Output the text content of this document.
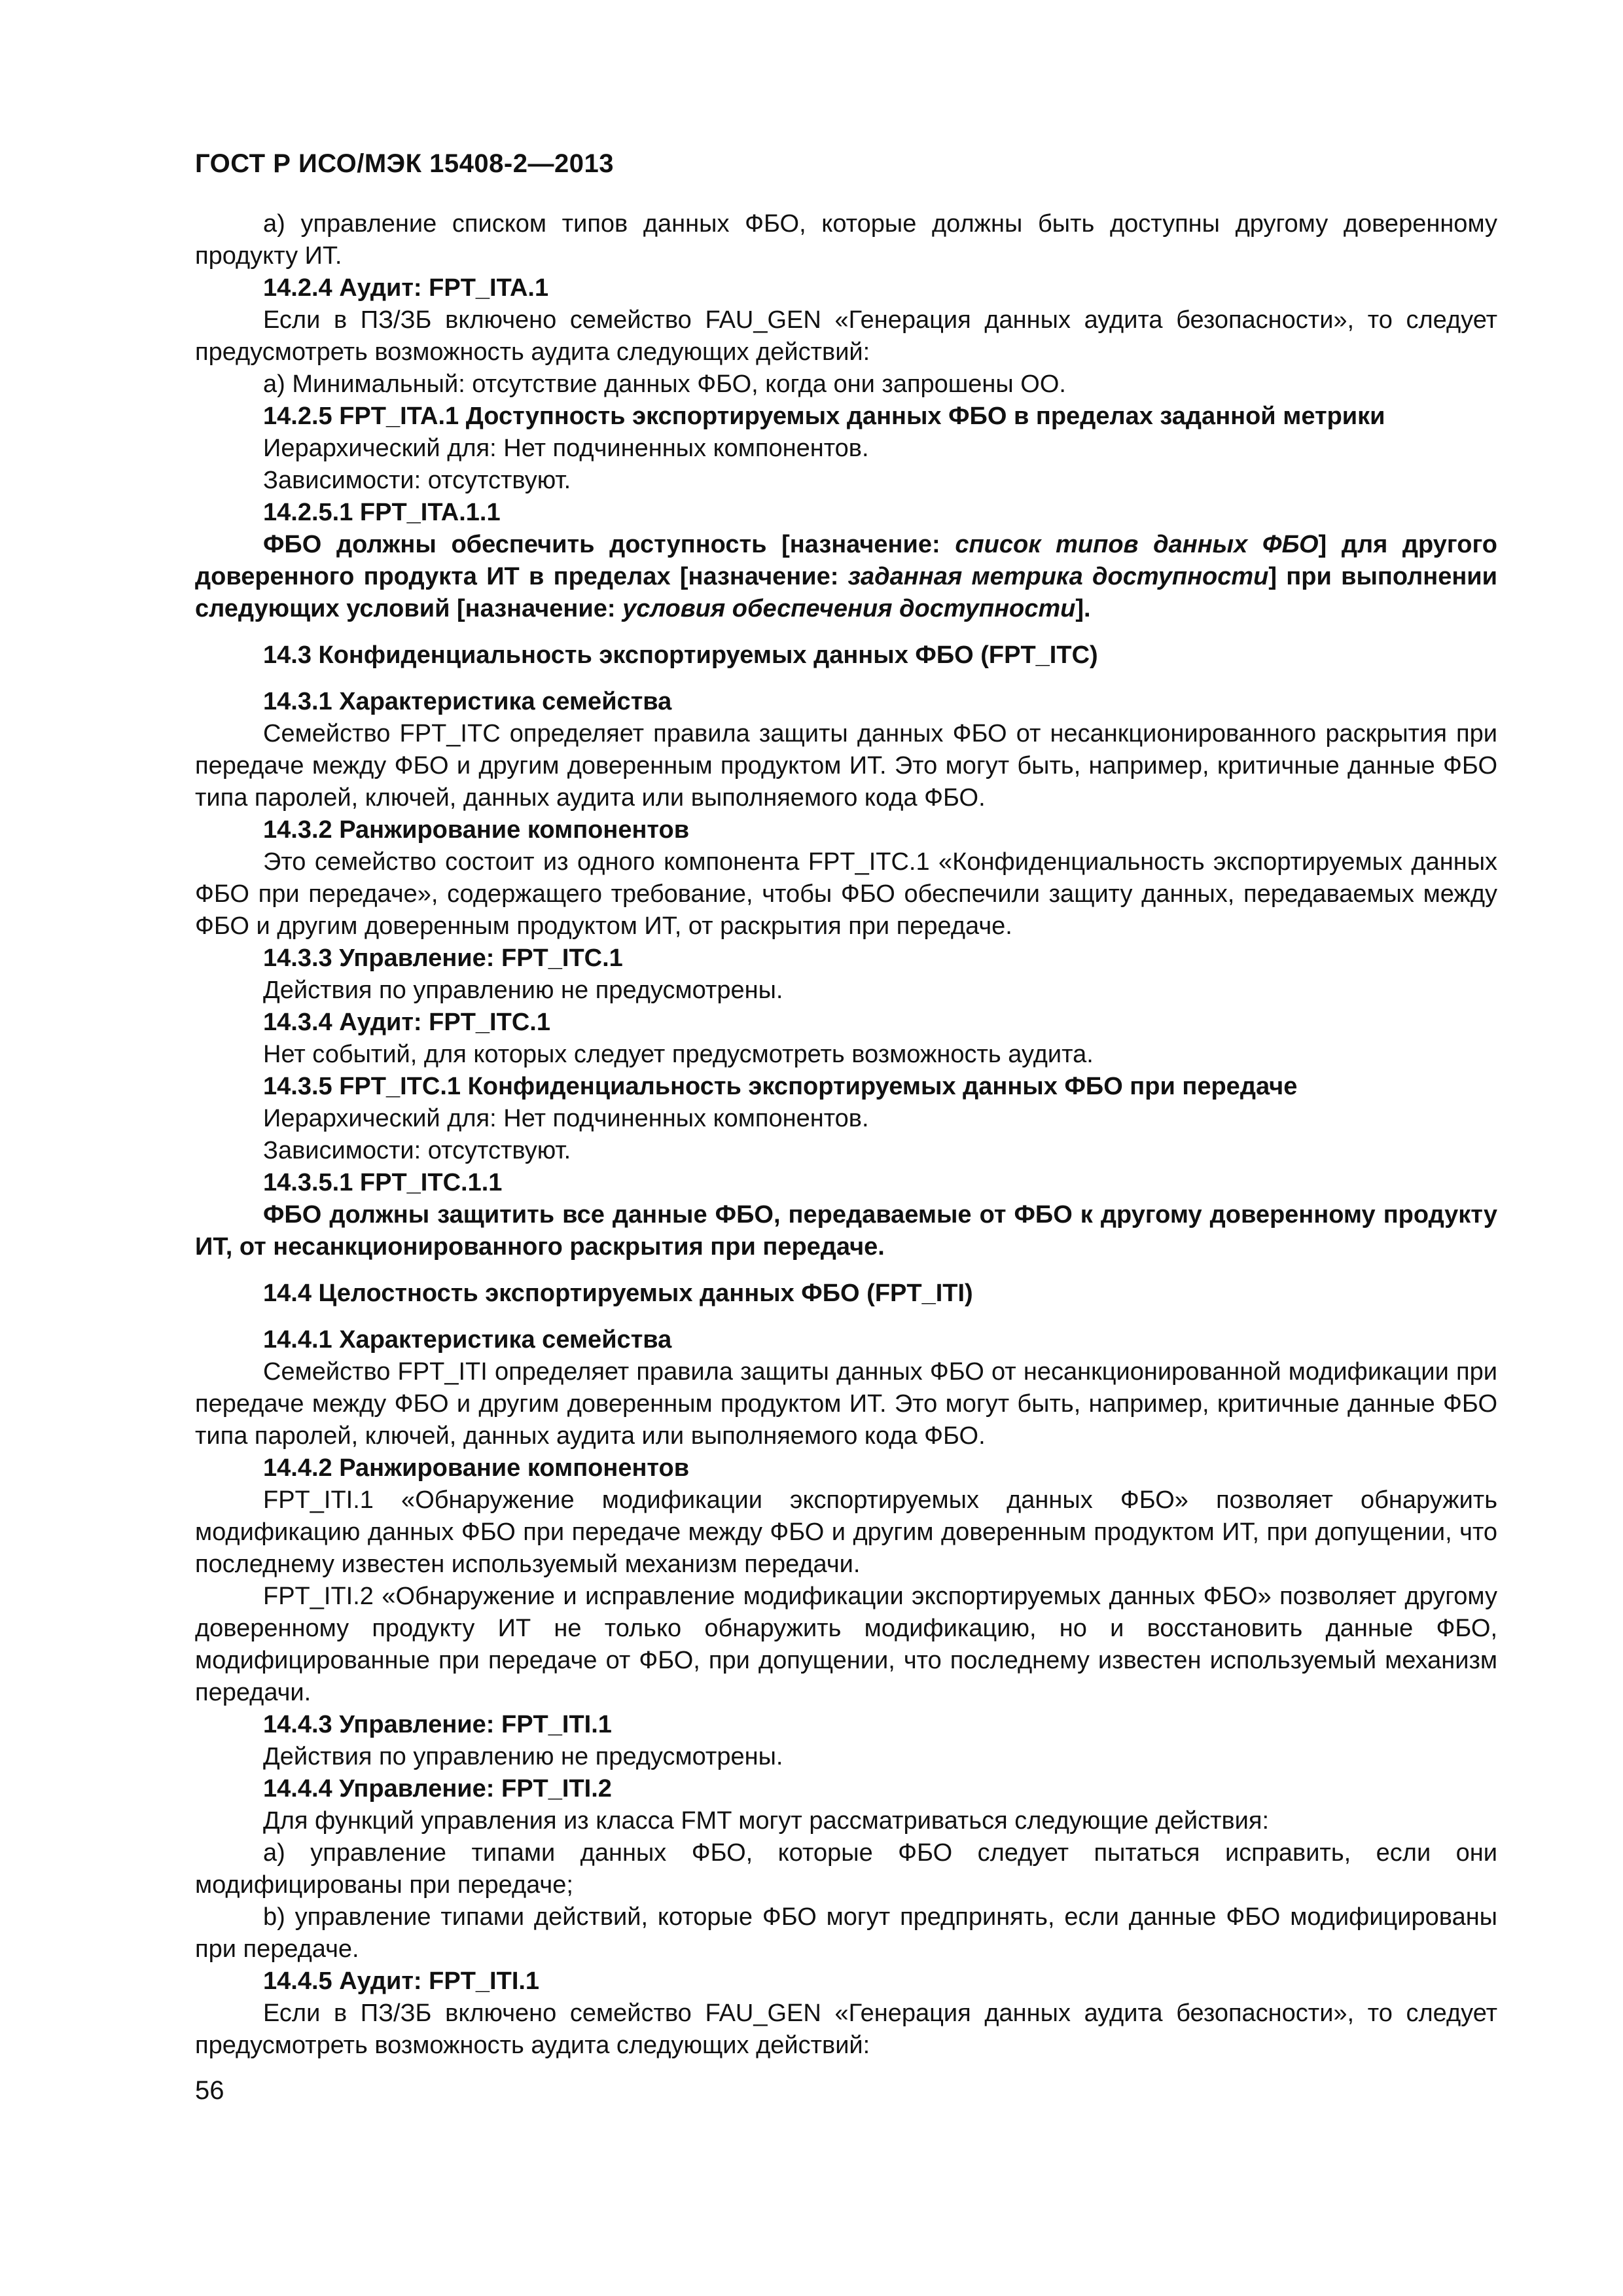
ГОСТ Р ИСО/МЭК 15408-2—2013

a) управление списком типов данных ФБО, которые должны быть доступны другому доверенному продукту ИТ.

14.2.4 Аудит: FPT_ITA.1

Если в ПЗ/ЗБ включено семейство FAU_GEN «Генерация данных аудита безопасности», то следует предусмотреть возможность аудита следующих действий:

a) Минимальный: отсутствие данных ФБО, когда они запрошены ОО.

14.2.5 FPT_ITA.1 Доступность экспортируемых данных ФБО в пределах заданной метрики

Иерархический для: Нет подчиненных компонентов.

Зависимости: отсутствуют.

14.2.5.1 FPT_ITA.1.1

ФБО должны обеспечить доступность [назначение: список типов данных ФБО] для другого доверенного продукта ИТ в пределах [назначение: заданная метрика доступности] при выполнении следующих условий [назначение: условия обеспечения доступности].

14.3 Конфиденциальность экспортируемых данных ФБО (FPT_ITC)

14.3.1 Характеристика семейства

Семейство FPT_ITC определяет правила защиты данных ФБО от несанкционированного раскрытия при передаче между ФБО и другим доверенным продуктом ИТ. Это могут быть, например, критичные данные ФБО типа паролей, ключей, данных аудита или выполняемого кода ФБО.

14.3.2 Ранжирование компонентов

Это семейство состоит из одного компонента FPT_ITC.1 «Конфиденциальность экспортируемых данных ФБО при передаче», содержащего требование, чтобы ФБО обеспечили защиту данных, передаваемых между ФБО и другим доверенным продуктом ИТ, от раскрытия при передаче.

14.3.3 Управление: FPT_ITC.1

Действия по управлению не предусмотрены.

14.3.4 Аудит: FPT_ITC.1

Нет событий, для которых следует предусмотреть возможность аудита.

14.3.5 FPT_ITC.1 Конфиденциальность экспортируемых данных ФБО при передаче

Иерархический для: Нет подчиненных компонентов.

Зависимости: отсутствуют.

14.3.5.1 FPT_ITC.1.1

ФБО должны защитить все данные ФБО, передаваемые от ФБО к другому доверенному продукту ИТ, от несанкционированного раскрытия при передаче.

14.4 Целостность экспортируемых данных ФБО (FPT_ITI)

14.4.1 Характеристика семейства

Семейство FPT_ITI определяет правила защиты данных ФБО от несанкционированной модификации при передаче между ФБО и другим доверенным продуктом ИТ. Это могут быть, например, критичные данные ФБО типа паролей, ключей, данных аудита или выполняемого кода ФБО.

14.4.2 Ранжирование компонентов

FPT_ITI.1 «Обнаружение модификации экспортируемых данных ФБО» позволяет обнаружить модификацию данных ФБО при передаче между ФБО и другим доверенным продуктом ИТ, при допущении, что последнему известен используемый механизм передачи.

FPT_ITI.2 «Обнаружение и исправление модификации экспортируемых данных ФБО» позволяет другому доверенному продукту ИТ не только обнаружить модификацию, но и восстановить данные ФБО, модифицированные при передаче от ФБО, при допущении, что последнему известен используемый механизм передачи.

14.4.3 Управление: FPT_ITI.1

Действия по управлению не предусмотрены.

14.4.4 Управление: FPT_ITI.2

Для функций управления из класса FMT могут рассматриваться следующие действия:

a) управление типами данных ФБО, которые ФБО следует пытаться исправить, если они модифицированы при передаче;

b) управление типами действий, которые ФБО могут предпринять, если данные ФБО модифицированы при передаче.

14.4.5 Аудит: FPT_ITI.1

Если в ПЗ/ЗБ включено семейство FAU_GEN «Генерация данных аудита безопасности», то следует предусмотреть возможность аудита следующих действий:

56
